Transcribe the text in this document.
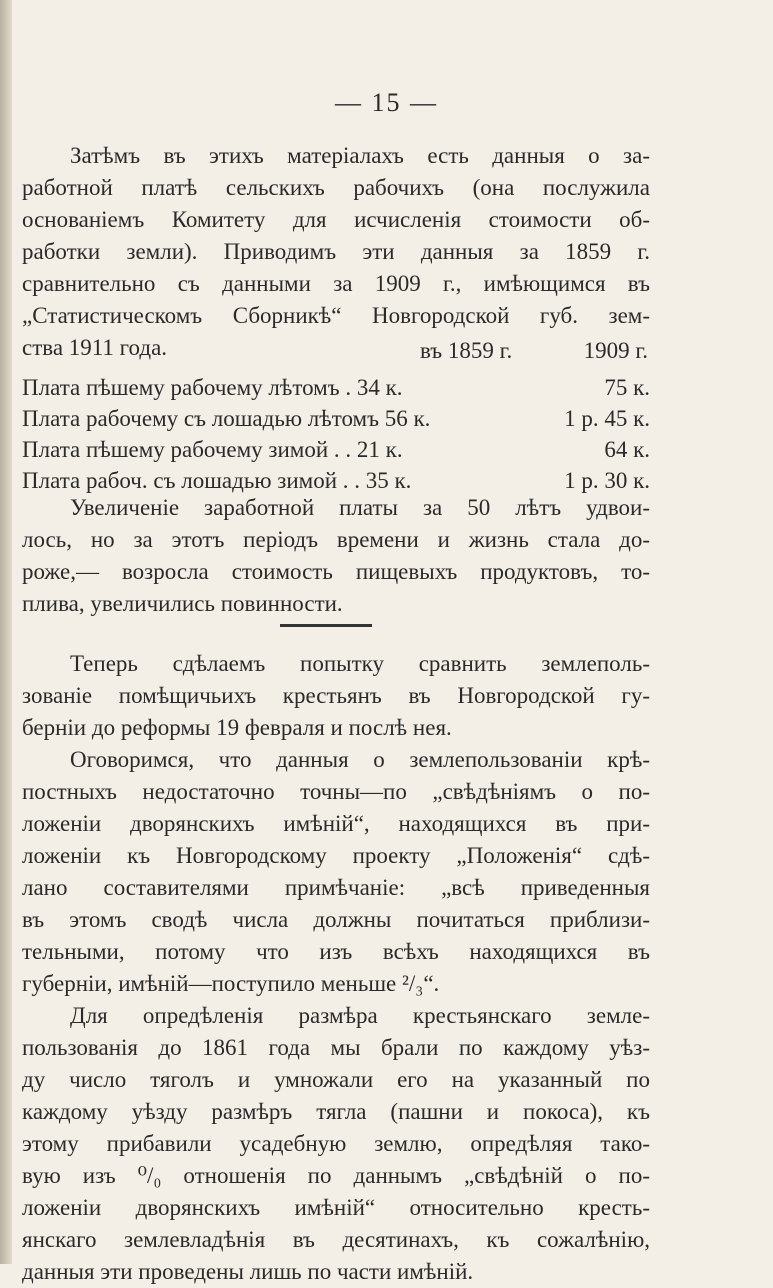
— 15 —
Затѣмъ въ этихъ матеріалахъ есть данныя о за-
работной платѣ сельскихъ рабочихъ (она послужила
основаніемъ Комитету для исчисленія стоимости об-
работки земли). Приводимъ эти данныя за 1859 г.
сравнительно съ данными за 1909 г., имѣющимся въ
„Статистическомъ Сборникѣ“ Новгородской губ. зем-
ства 1911 года.	въ 1859 г.	1909 г.
Плата пѣшему рабочему лѣтомъ . 34 к.	75 к.
Плата рабочему съ лошадью лѣтомъ 56 к.	1 р. 45 к.
Плата пѣшему рабочему зимой . . 21 к.	64 к.
Плата рабоч. съ лошадью зимой . . 35 к.	1 р. 30 к.
Увеличеніе заработной платы за 50 лѣтъ удвои-
лось, но за этотъ періодъ времени и жизнь стала до-
роже,— возросла стоимость пищевыхъ продуктовъ, то-
плива, увеличились повинности.
Теперь сдѣлаемъ попытку сравнить землеполь-
зованіе помѣщичьихъ крестьянъ въ Новгородской гу-
берніи до реформы 19 февраля и послѣ нея.
Оговоримся, что данныя о землепользованіи крѣ-
постныхъ недостаточно точны—по „свѣдѣніямъ о по-
ложеніи дворянскихъ имѣній“, находящихся въ при-
ложеніи къ Новгородскому проекту „Положенія“ сдѣ-
лано составителями примѣчаніе: „всѣ приведенныя
въ этомъ сводѣ числа должны почитаться приблизи-
тельными, потому что изъ всѣхъ находящихся въ
губерніи, имѣній—поступило меньше ²/₃“.
Для опредѣленія размѣра крестьянскаго земле-
пользованія до 1861 года мы брали по каждому уѣз-
ду число тяголъ и умножали его на указанный по
каждому уѣзду размѣръ тягла (пашни и покоса), къ
этому прибавили усадебную землю, опредѣляя тако-
вую изъ ⁰/₀ отношенія по даннымъ „свѣдѣній о по-
ложеніи дворянскихъ имѣній“ относительно кресть-
янскаго землевладѣнія въ десятинахъ, къ сожалѣнію,
данныя эти проведены лишь по части имѣній.
